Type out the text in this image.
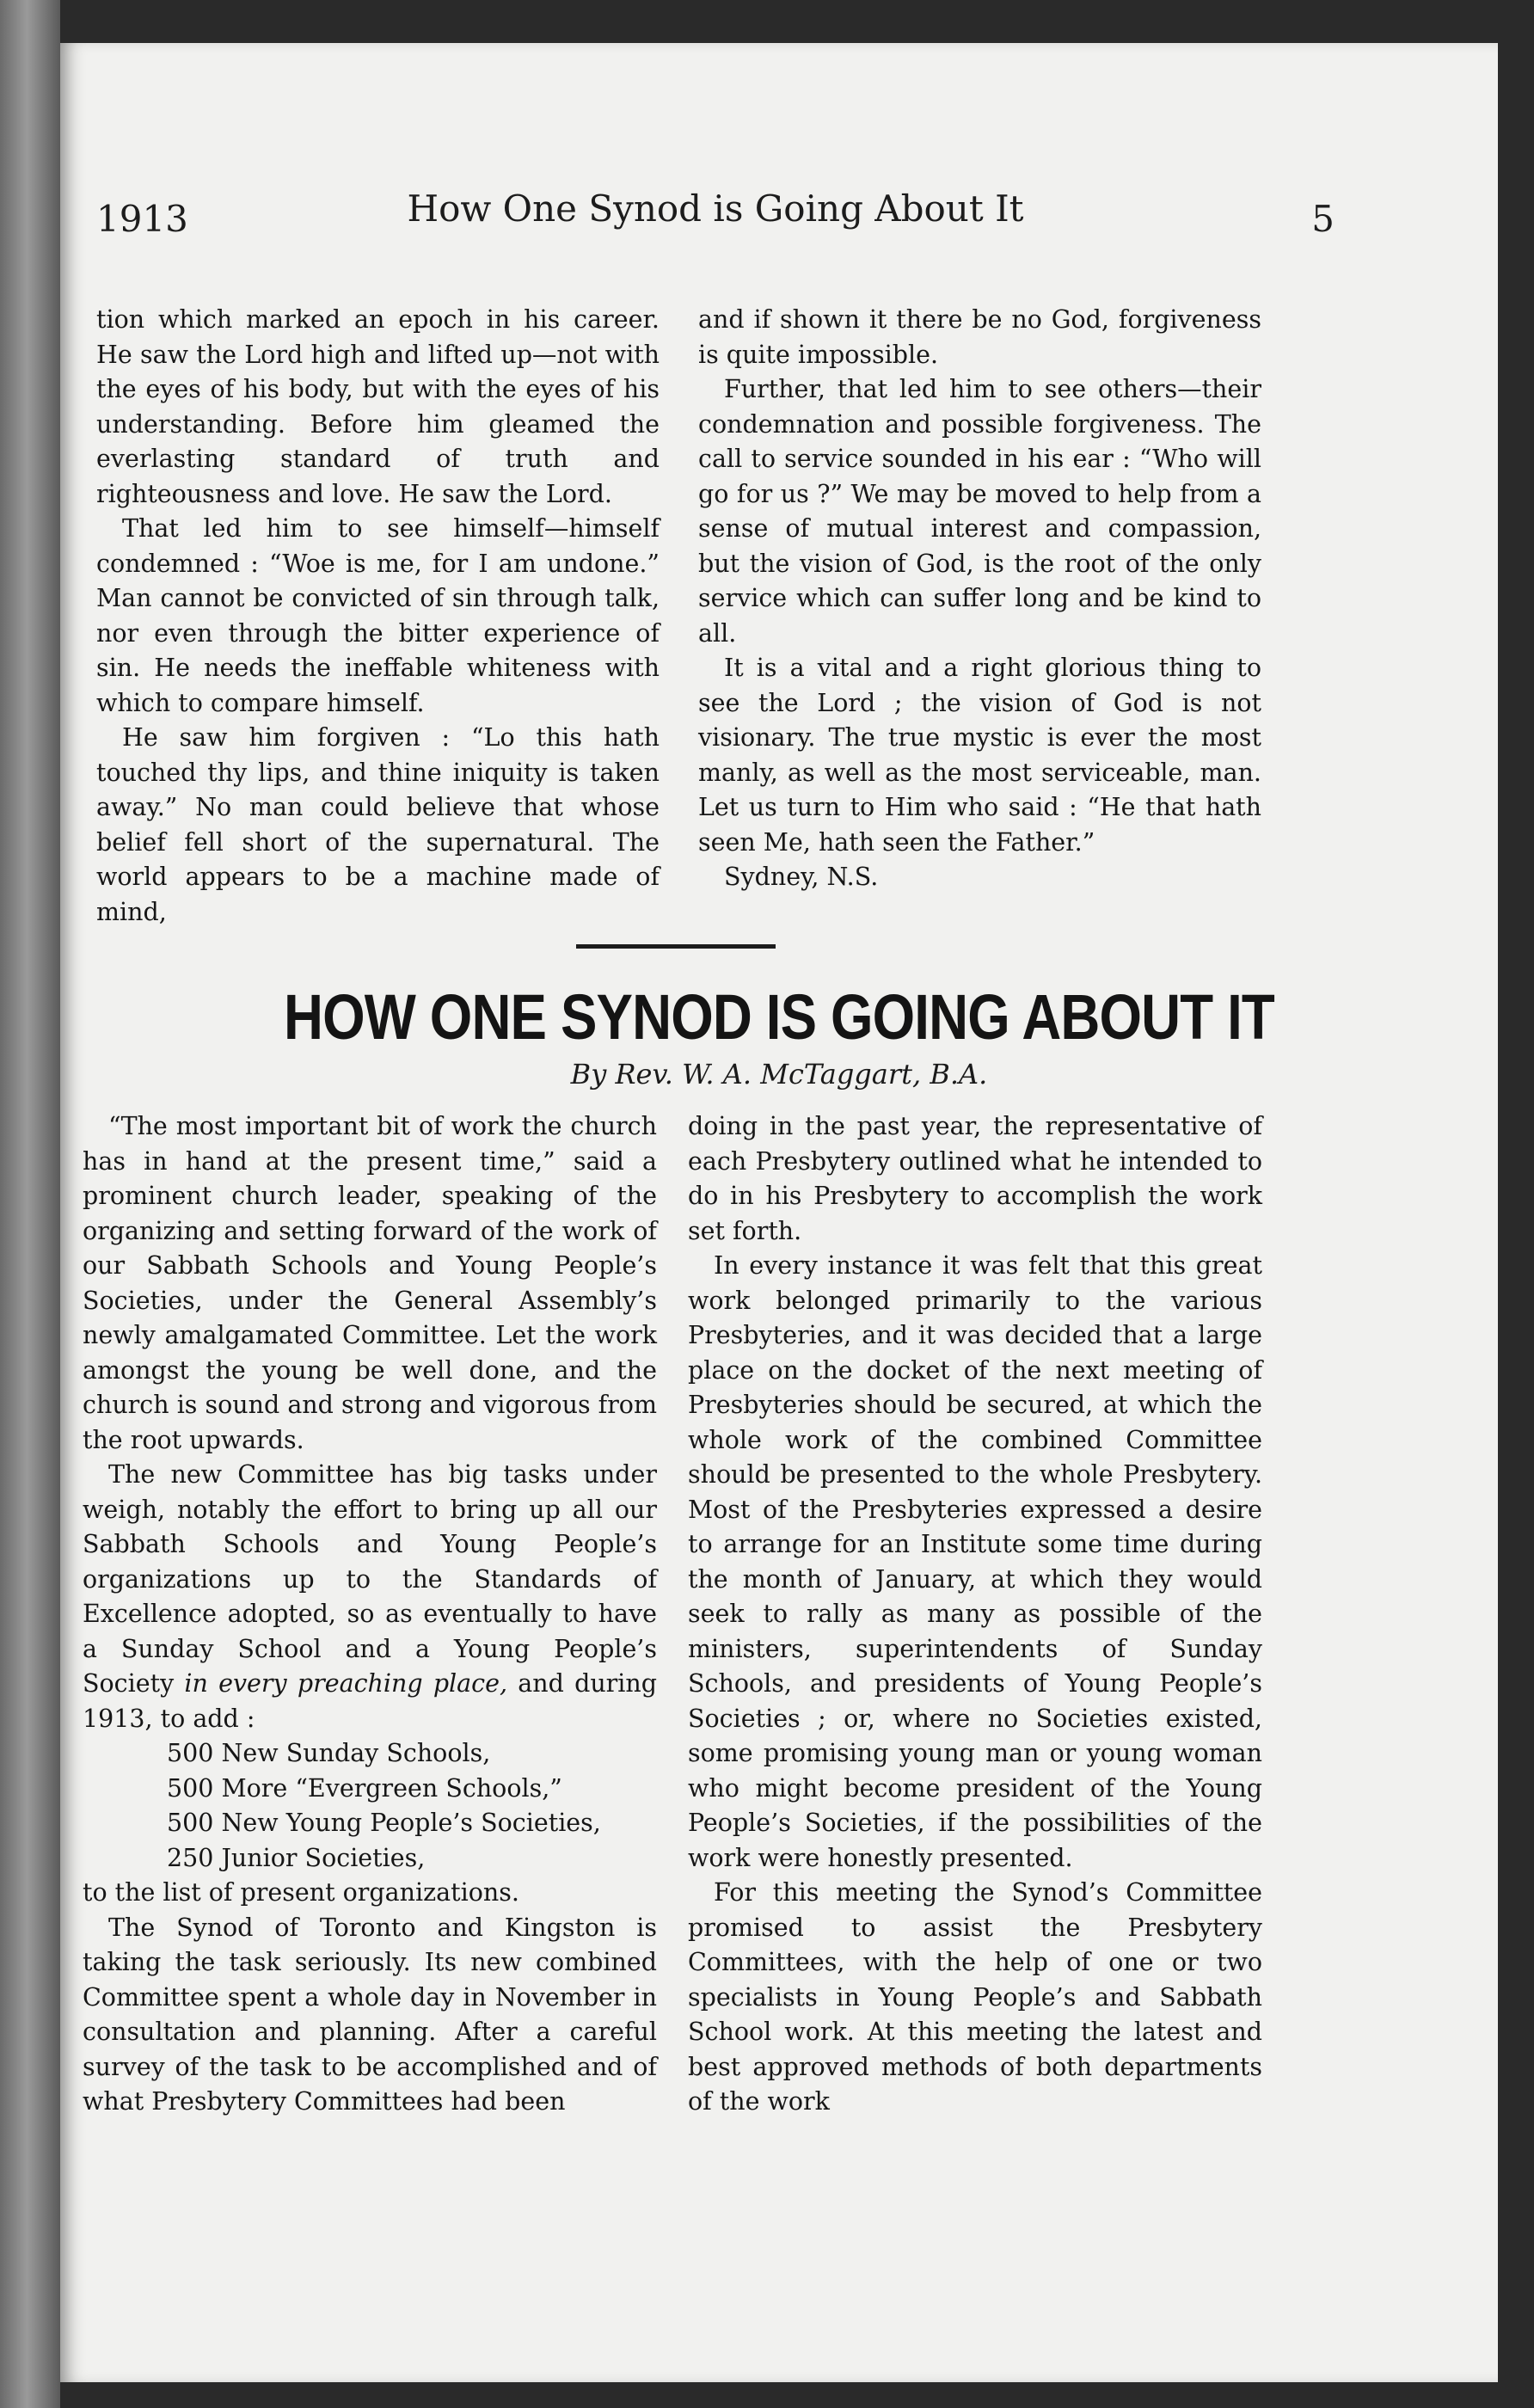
1913	How One Synod is Going About It	5

tion which marked an epoch in his career. He saw the Lord high and lifted up—not with the eyes of his body, but with the eyes of his understanding. Before him gleamed the everlasting standard of truth and righteousness and love. He saw the Lord.

That led him to see himself—himself condemned : “Woe is me, for I am undone.” Man cannot be convicted of sin through talk, nor even through the bitter experience of sin. He needs the ineffable whiteness with which to compare himself.

He saw him forgiven : “Lo this hath touched thy lips, and thine iniquity is taken away.” No man could believe that whose belief fell short of the supernatural. The world appears to be a machine made of mind,

and if shown it there be no God, forgiveness is quite impossible.

Further, that led him to see others—their condemnation and possible forgiveness. The call to service sounded in his ear : “Who will go for us ?” We may be moved to help from a sense of mutual interest and compassion, but the vision of God, is the root of the only service which can suffer long and be kind to all.

It is a vital and a right glorious thing to see the Lord ; the vision of God is not visionary. The true mystic is ever the most manly, as well as the most serviceable, man. Let us turn to Him who said : “He that hath seen Me, hath seen the Father.”

Sydney, N.S.

HOW ONE SYNOD IS GOING ABOUT IT
By Rev. W. A. McTaggart, B.A.

“The most important bit of work the church has in hand at the present time,” said a prominent church leader, speaking of the organizing and setting forward of the work of our Sabbath Schools and Young People’s Societies, under the General Assembly’s newly amalgamated Committee. Let the work amongst the young be well done, and the church is sound and strong and vigorous from the root upwards.

The new Committee has big tasks under weigh, notably the effort to bring up all our Sabbath Schools and Young People’s organizations up to the Standards of Excellence adopted, so as eventually to have a Sunday School and a Young People’s Society in every preaching place, and during 1913, to add :

500 New Sunday Schools,
500 More “Evergreen Schools,”
500 New Young People’s Societies,
250 Junior Societies,

to the list of present organizations.

The Synod of Toronto and Kingston is taking the task seriously. Its new combined Committee spent a whole day in November in consultation and planning. After a careful survey of the task to be accomplished and of what Presbytery Committees had been

doing in the past year, the representative of each Presbytery outlined what he intended to do in his Presbytery to accomplish the work set forth.

In every instance it was felt that this great work belonged primarily to the various Presbyteries, and it was decided that a large place on the docket of the next meeting of Presbyteries should be secured, at which the whole work of the combined Committee should be presented to the whole Presbytery. Most of the Presbyteries expressed a desire to arrange for an Institute some time during the month of January, at which they would seek to rally as many as possible of the ministers, superintendents of Sunday Schools, and presidents of Young People’s Societies ; or, where no Societies existed, some promising young man or young woman who might become president of the Young People’s Societies, if the possibilities of the work were honestly presented.

For this meeting the Synod’s Committee promised to assist the Presbytery Committees, with the help of one or two specialists in Young People’s and Sabbath School work. At this meeting the latest and best approved methods of both departments of the work
